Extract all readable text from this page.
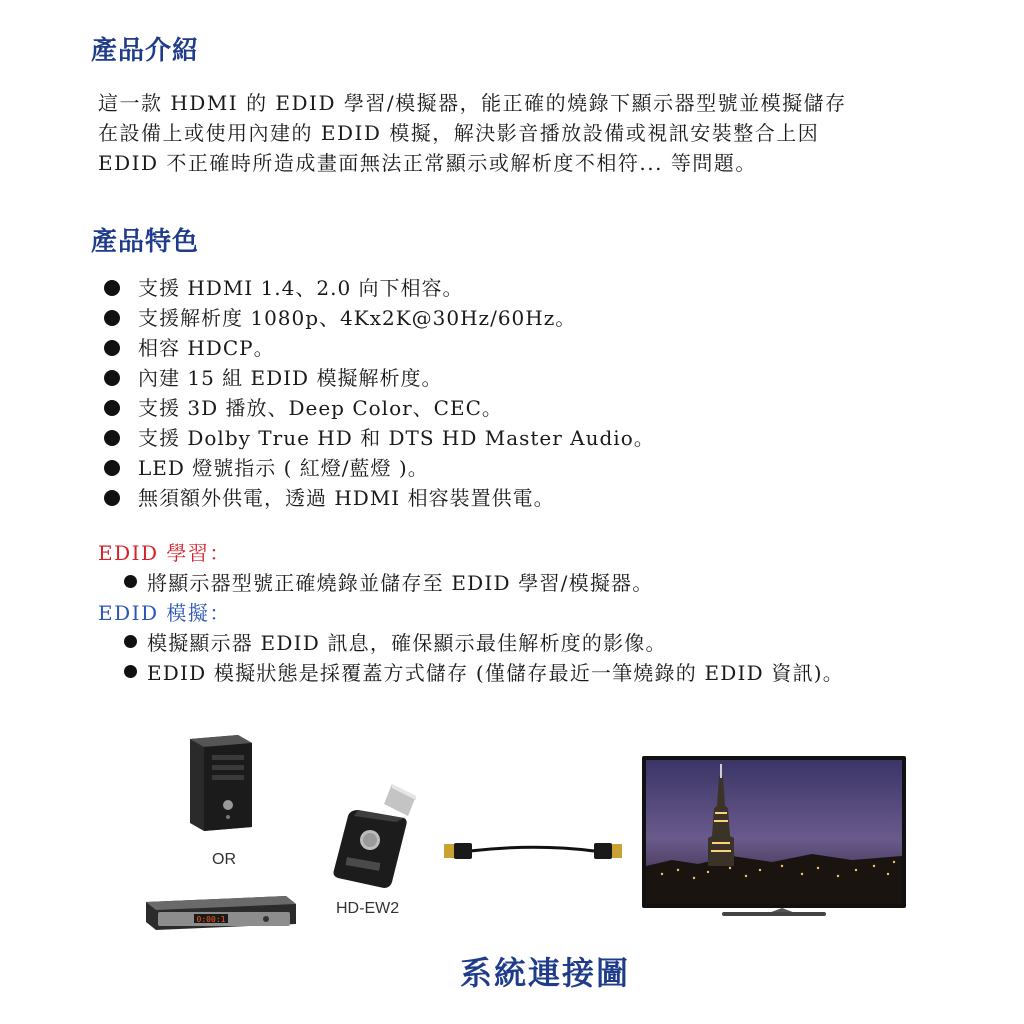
產品介紹
這一款 HDMI 的 EDID 學習/模擬器，能正確的燒錄下顯示器型號並模擬儲存
在設備上或使用內建的 EDID 模擬，解決影音播放設備或視訊安裝整合上因
EDID 不正確時所造成畫面無法正常顯示或解析度不相符... 等問題。
產品特色
支援 HDMI 1.4、2.0 向下相容。
支援解析度 1080p、4Kx2K@30Hz/60Hz。
相容 HDCP。
內建 15 組 EDID 模擬解析度。
支援 3D 播放、Deep Color、CEC。
支援 Dolby True HD 和 DTS HD Master Audio。
LED 燈號指示 ( 紅燈/藍燈 )。
無須額外供電，透過 HDMI 相容裝置供電。
EDID 學習：
將顯示器型號正確燒錄並儲存至 EDID 學習/模擬器。
EDID 模擬：
模擬顯示器 EDID 訊息，確保顯示最佳解析度的影像。
EDID 模擬狀態是採覆蓋方式儲存 (僅儲存最近一筆燒錄的 EDID 資訊)。
OR
0:00:1
HD-EW2
系統連接圖
